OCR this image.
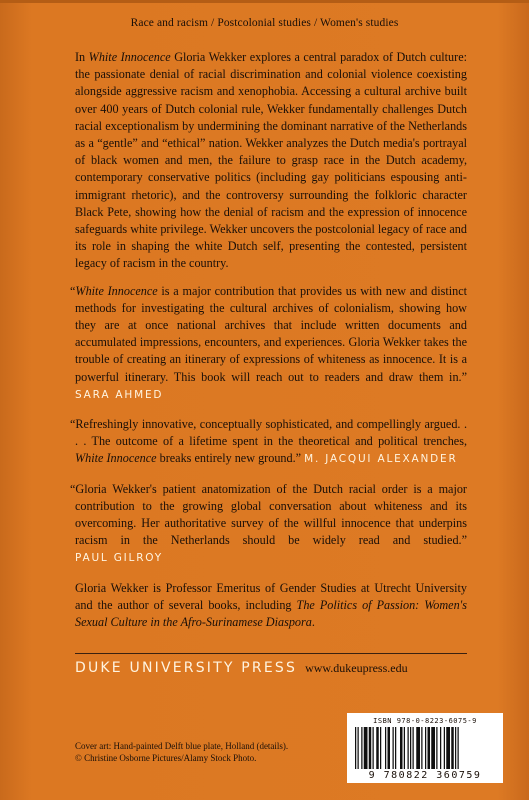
Race and racism / Postcolonial studies / Women's studies

In White Innocence Gloria Wekker explores a central paradox of Dutch culture: the passionate denial of racial discrimination and colonial violence coexisting alongside aggressive racism and xenophobia. Accessing a cultural archive built over 400 years of Dutch colonial rule, Wekker fundamentally challenges Dutch racial exceptionalism by undermining the dominant narrative of the Netherlands as a “gentle” and “ethical” nation. Wekker analyzes the Dutch media's portrayal of black women and men, the failure to grasp race in the Dutch academy, contemporary conservative politics (including gay politicians espousing anti-immigrant rhetoric), and the controversy surrounding the folkloric character Black Pete, showing how the denial of racism and the expression of innocence safeguards white privilege. Wekker uncovers the postcolonial legacy of race and its role in shaping the white Dutch self, presenting the contested, persistent legacy of racism in the country.

“White Innocence is a major contribution that provides us with new and distinct methods for investigating the cultural archives of colonialism, showing how they are at once national archives that include written documents and accumulated impressions, encounters, and experiences. Gloria Wekker takes the trouble of creating an itinerary of expressions of whiteness as innocence. It is a powerful itinerary. This book will reach out to readers and draw them in.” SARA AHMED

“Refreshingly innovative, conceptually sophisticated, and compellingly argued. . . . The outcome of a lifetime spent in the theoretical and political trenches, White Innocence breaks entirely new ground.” M. JACQUI ALEXANDER

“Gloria Wekker's patient anatomization of the Dutch racial order is a major contribution to the growing global conversation about whiteness and its overcoming. Her authoritative survey of the willful innocence that underpins racism in the Netherlands should be widely read and studied.” PAUL GILROY

Gloria Wekker is Professor Emeritus of Gender Studies at Utrecht University and the author of several books, including The Politics of Passion: Women's Sexual Culture in the Afro-Surinamese Diaspora.

DUKE UNIVERSITY PRESS www.dukeupress.edu
Cover art: Hand-painted Delft blue plate, Holland (details).
© Christine Osborne Pictures/Alamy Stock Photo.
ISBN 978-0-8223-6075-9
9 780822 360759
